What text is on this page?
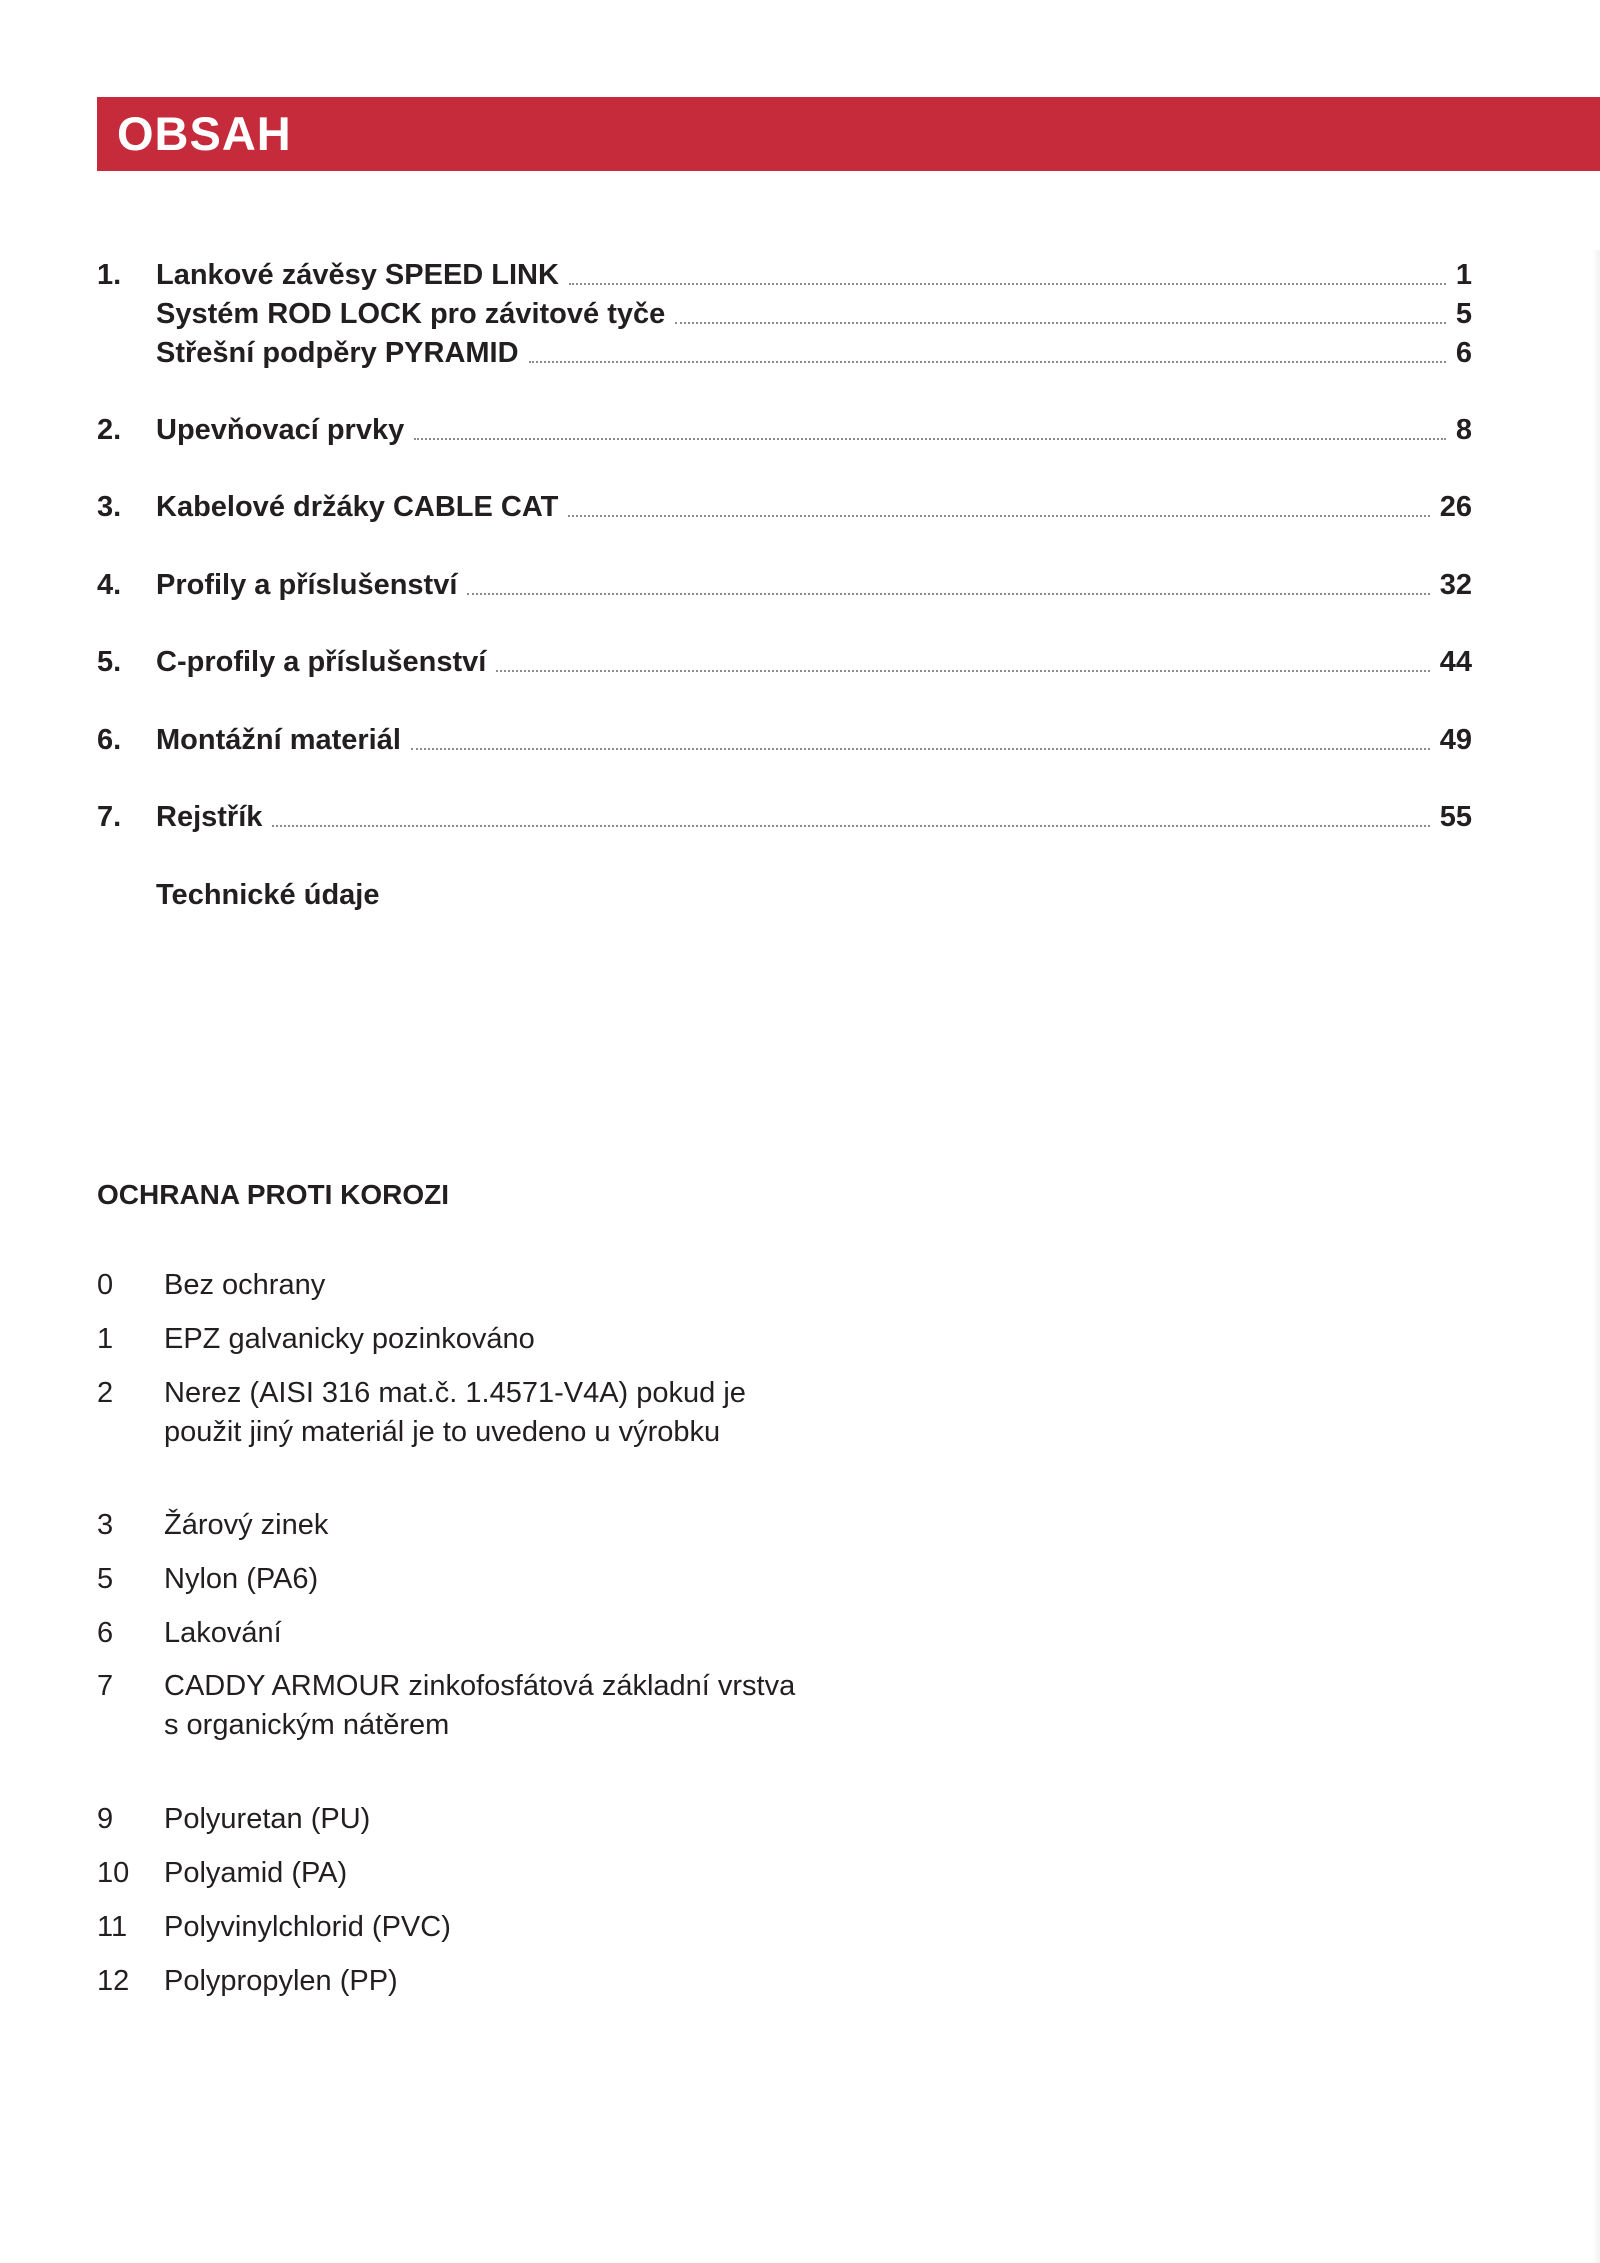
OBSAH
1.	Lankové závěsy SPEED LINK	1
Systém ROD LOCK pro závitové tyče	5
Střešní podpěry PYRAMID	6
2.	Upevňovací prvky	8
3.	Kabelové držáky CABLE CAT	26
4.	Profily a příslušenství	32
5.	C-profily a příslušenství	44
6.	Montážní materiál	49
7.	Rejstřík	55
Technické údaje
OCHRANA PROTI KOROZI
0	Bez ochrany
1	EPZ galvanicky pozinkováno
2	Nerez (AISI 316 mat.č. 1.4571-V4A) pokud je použit jiný materiál je to uvedeno u výrobku
3	Žárový zinek
5	Nylon (PA6)
6	Lakování
7	CADDY ARMOUR zinkofosfátová základní vrstva s organickým nátěrem
9	Polyuretan (PU)
10	Polyamid (PA)
11	Polyvinylchlorid (PVC)
12	Polypropylen (PP)
